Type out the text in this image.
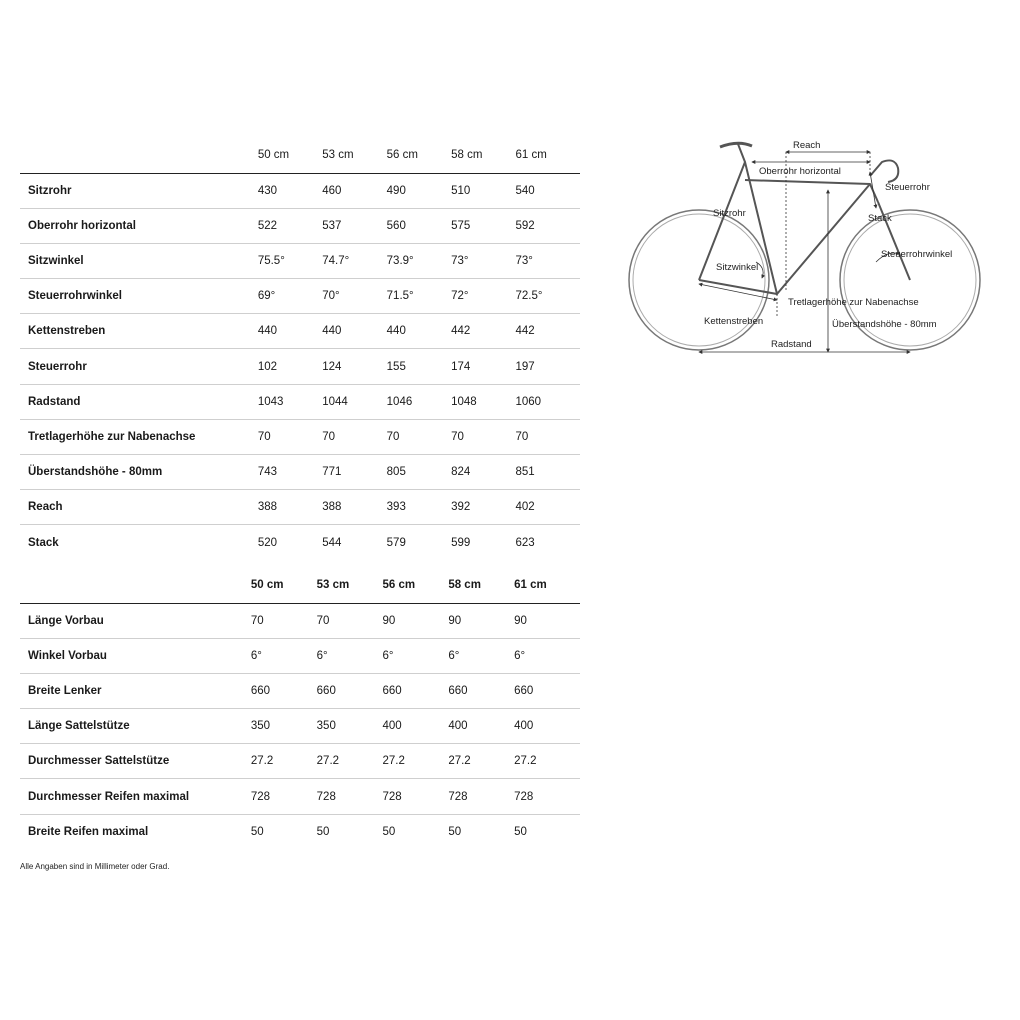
	50 cm	53 cm	56 cm	58 cm	61 cm
Sitzrohr	430	460	490	510	540
Oberrohr horizontal	522	537	560	575	592
Sitzwinkel	75.5°	74.7°	73.9°	73°	73°
Steuerrohrwinkel	69°	70°	71.5°	72°	72.5°
Kettenstreben	440	440	440	442	442
Steuerrohr	102	124	155	174	197
Radstand	1043	1044	1046	1048	1060
Tretlagerhöhe zur Nabenachse	70	70	70	70	70
Überstandshöhe - 80mm	743	771	805	824	851
Reach	388	388	393	392	402
Stack	520	544	579	599	623
	50 cm	53 cm	56 cm	58 cm	61 cm
Länge Vorbau	70	70	90	90	90
Winkel Vorbau	6°	6°	6°	6°	6°
Breite Lenker	660	660	660	660	660
Länge Sattelstütze	350	350	400	400	400
Durchmesser Sattelstütze	27.2	27.2	27.2	27.2	27.2
Durchmesser Reifen maximal	728	728	728	728	728
Breite Reifen maximal	50	50	50	50	50
Alle Angaben sind in Millimeter oder Grad.
Reach
Oberrohr horizontal
Steuerrohr
Sitzrohr	Stack
Steuerrohrwinkel
Sitzwinkel
Tretlagerhöhe zur Nabenachse
Kettenstreben	Überstandshöhe - 80mm
Radstand
